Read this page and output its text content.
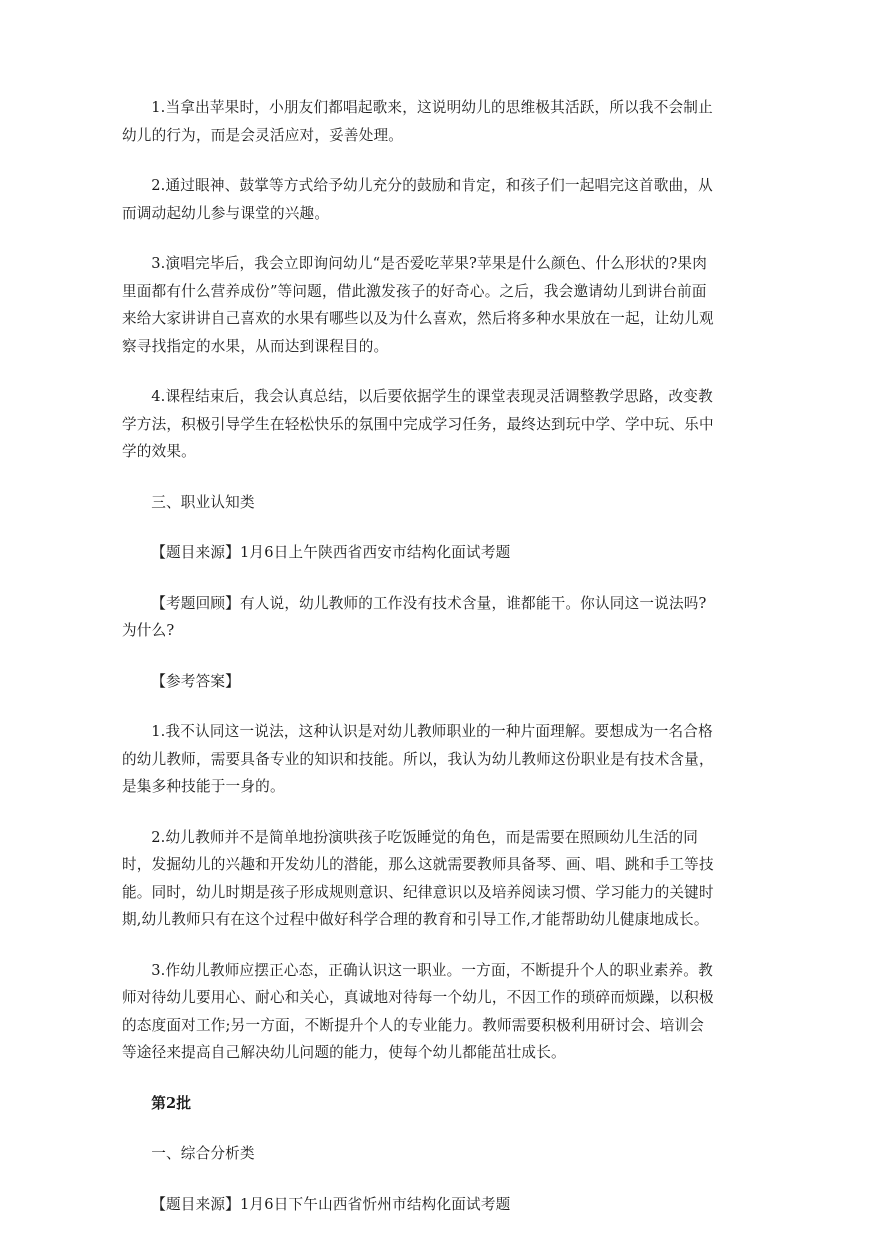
1.当拿出苹果时，小朋友们都唱起歌来，这说明幼儿的思维极其活跃，所以我不会制止
幼儿的行为，而是会灵活应对，妥善处理。
2.通过眼神、鼓掌等方式给予幼儿充分的鼓励和肯定，和孩子们一起唱完这首歌曲，从
而调动起幼儿参与课堂的兴趣。
3.演唱完毕后，我会立即询问幼儿“是否爱吃苹果?苹果是什么颜色、什么形状的?果肉
里面都有什么营养成份”等问题，借此激发孩子的好奇心。之后，我会邀请幼儿到讲台前面
来给大家讲讲自己喜欢的水果有哪些以及为什么喜欢，然后将多种水果放在一起，让幼儿观
察寻找指定的水果，从而达到课程目的。
4.课程结束后，我会认真总结，以后要依据学生的课堂表现灵活调整教学思路，改变教
学方法，积极引导学生在轻松快乐的氛围中完成学习任务，最终达到玩中学、学中玩、乐中
学的效果。
三、职业认知类
【题目来源】1月6日上午陕西省西安市结构化面试考题
【考题回顾】有人说，幼儿教师的工作没有技术含量，谁都能干。你认同这一说法吗?
为什么?
【参考答案】
1.我不认同这一说法，这种认识是对幼儿教师职业的一种片面理解。要想成为一名合格
的幼儿教师，需要具备专业的知识和技能。所以，我认为幼儿教师这份职业是有技术含量，
是集多种技能于一身的。
2.幼儿教师并不是简单地扮演哄孩子吃饭睡觉的角色，而是需要在照顾幼儿生活的同
时，发掘幼儿的兴趣和开发幼儿的潜能，那么这就需要教师具备琴、画、唱、跳和手工等技
能。同时，幼儿时期是孩子形成规则意识、纪律意识以及培养阅读习惯、学习能力的关键时
期,幼儿教师只有在这个过程中做好科学合理的教育和引导工作,才能帮助幼儿健康地成长。
3.作幼儿教师应摆正心态，正确认识这一职业。一方面，不断提升个人的职业素养。教
师对待幼儿要用心、耐心和关心，真诚地对待每一个幼儿，不因工作的琐碎而烦躁，以积极
的态度面对工作;另一方面，不断提升个人的专业能力。教师需要积极利用研讨会、培训会
等途径来提高自己解决幼儿问题的能力，使每个幼儿都能茁壮成长。
第2批
一、综合分析类
【题目来源】1月6日下午山西省忻州市结构化面试考题
